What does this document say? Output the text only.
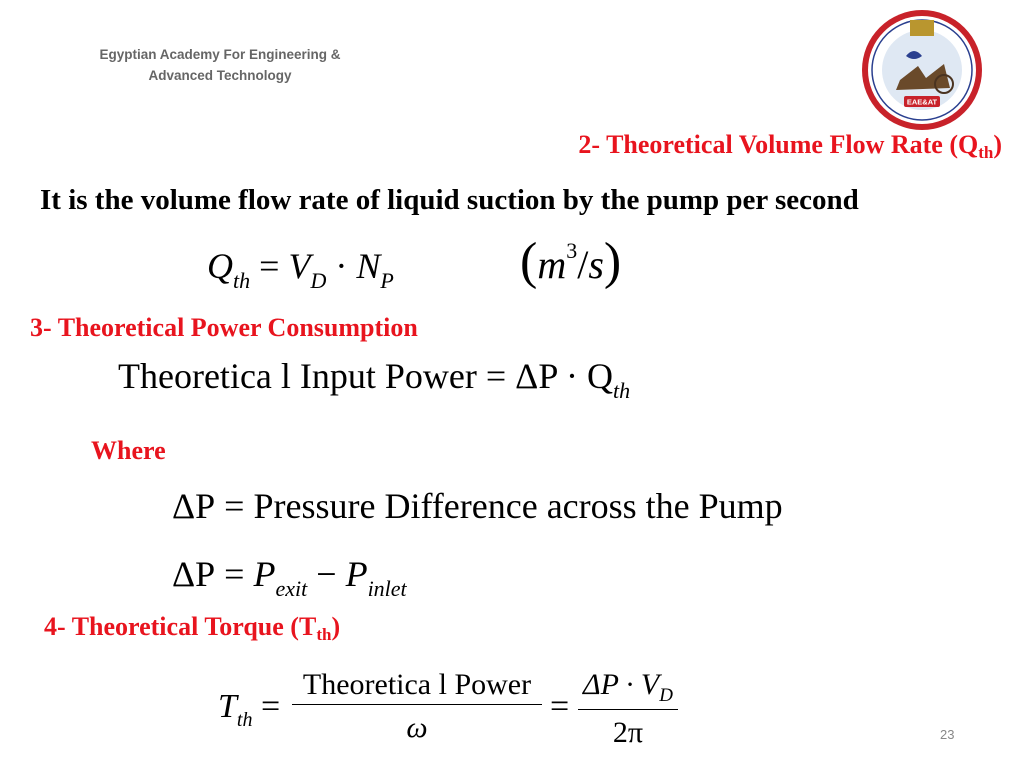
Egyptian Academy For Engineering &
Advanced Technology
EAE&AT
2- Theoretical Volume Flow Rate $(Q_{th})$
It is the volume flow rate of liquid suction by the pump per second
$Q_{th} = V_D \cdot N_P$ $(m^3/s)$
3- Theoretical Power Consumption
Theoretica l Input Power = $\Delta P \cdot Q_{th}$
Where
ΔP = Pressure Difference across the Pump
$\Delta P = P_{exit} - P_{inlet}$
4- Theoretical Torque $(T_{th})$
$T_{th}$ =
Theoretica l Power
ω
= $\frac{\Delta P \cdot V_D}{2\pi}$	23
